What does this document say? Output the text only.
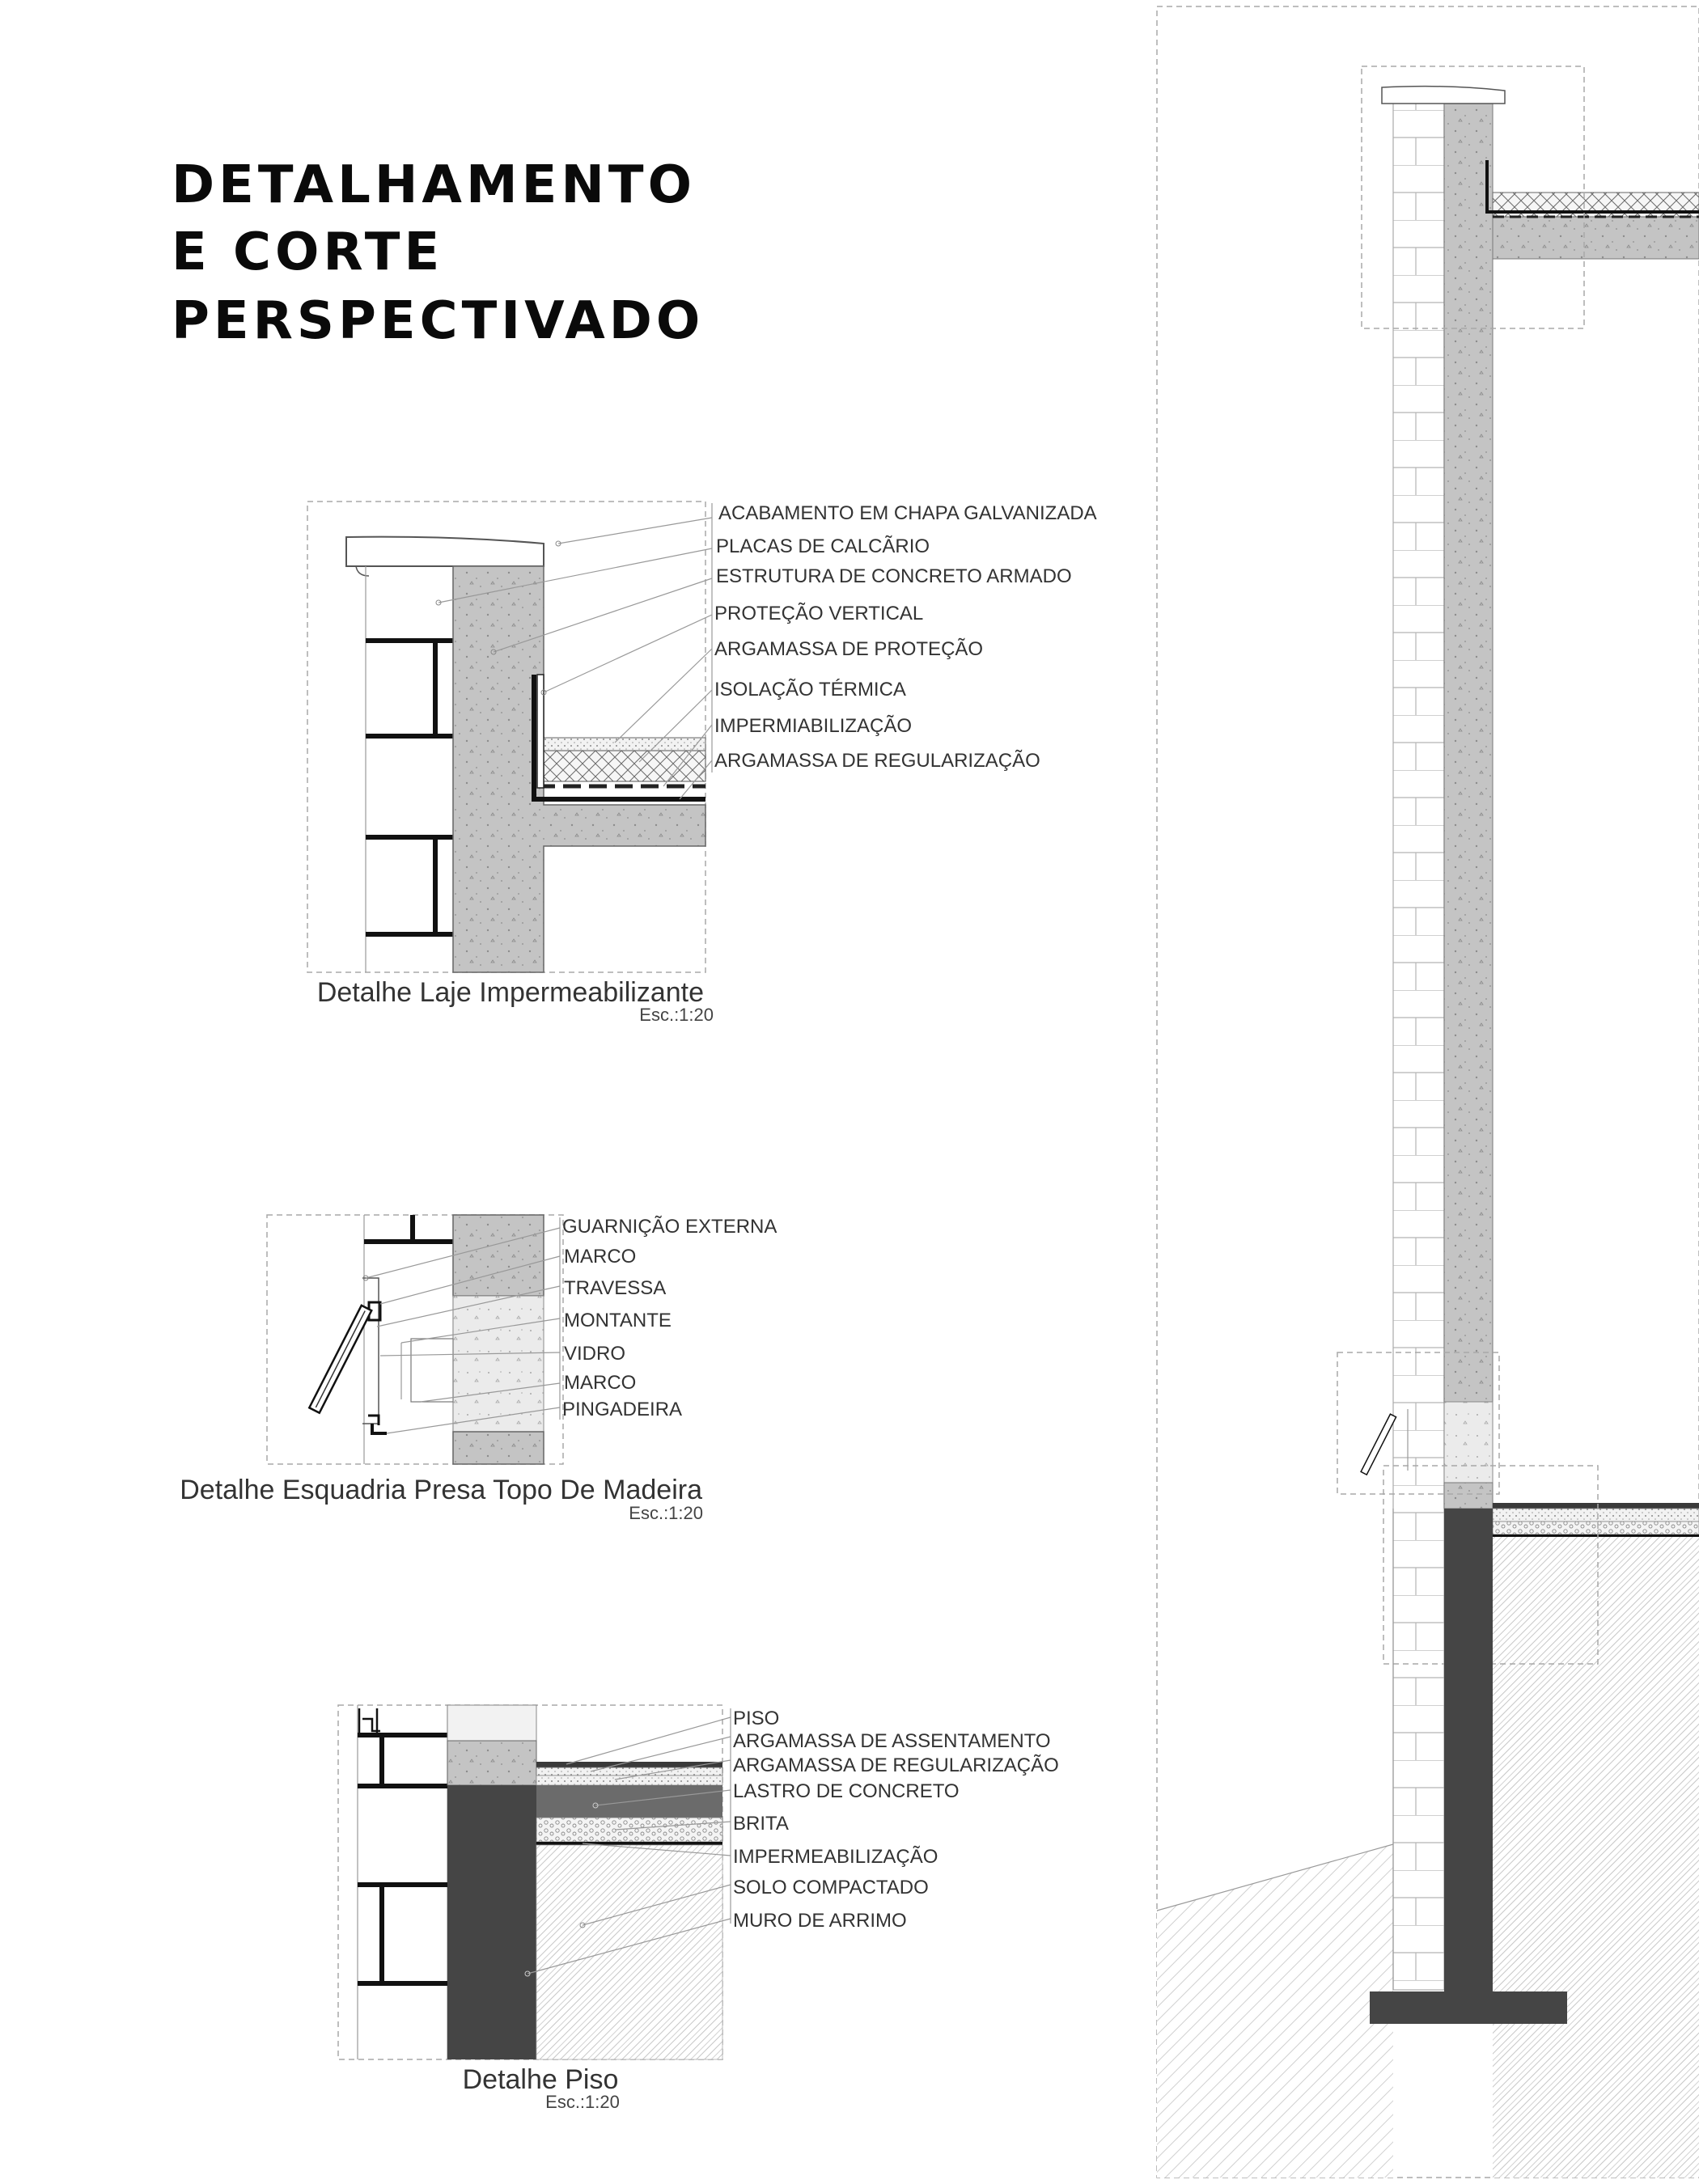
DETALHAMENTO
E CORTE
PERSPECTIVADO
ACABAMENTO EM CHAPA GALVANIZADA
PLACAS DE CALCÃRIO
ESTRUTURA DE CONCRETO ARMADO
PROTEÇÃO VERTICAL
ARGAMASSA DE PROTEÇÃO
ISOLAÇÃO TÉRMICA
IMPERMIABILIZAÇÃO
ARGAMASSA DE REGULARIZAÇÃO
Detalhe Laje Impermeabilizante
Esc.:1:20
GUARNIÇÃO EXTERNA
MARCO
TRAVESSA
MONTANTE
VIDRO
MARCO
PINGADEIRA
Detalhe Esquadria Presa Topo De Madeira
Esc.:1:20
PISO
ARGAMASSA DE ASSENTAMENTO
ARGAMASSA DE REGULARIZAÇÃO
LASTRO DE CONCRETO
BRITA
IMPERMEABILIZAÇÃO
SOLO COMPACTADO
MURO DE ARRIMO
Detalhe Piso
Esc.:1:20
